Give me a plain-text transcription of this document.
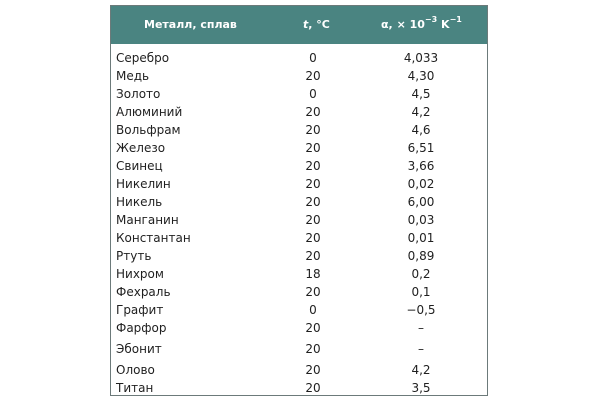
Металл, сплав	t, °C	α, × $10^{-3}$ $K^{-1}$
Серебро	0	4,033
Медь	20	4,30
Золото	0	4,5
Алюминий	20	4,2
Вольфрам	20	4,6
Железо	20	6,51
Свинец	20	3,66
Никелин	20	0,02
Никель	20	6,00
Манганин	20	0,03
Константан	20	0,01
Ртуть	20	0,89
Нихром	18	0,2
Фехраль	20	0,1
Графит	0	−0,5
Фарфор	20	–
Эбонит	20	–
Олово	20	4,2
Титан	20	3,5
